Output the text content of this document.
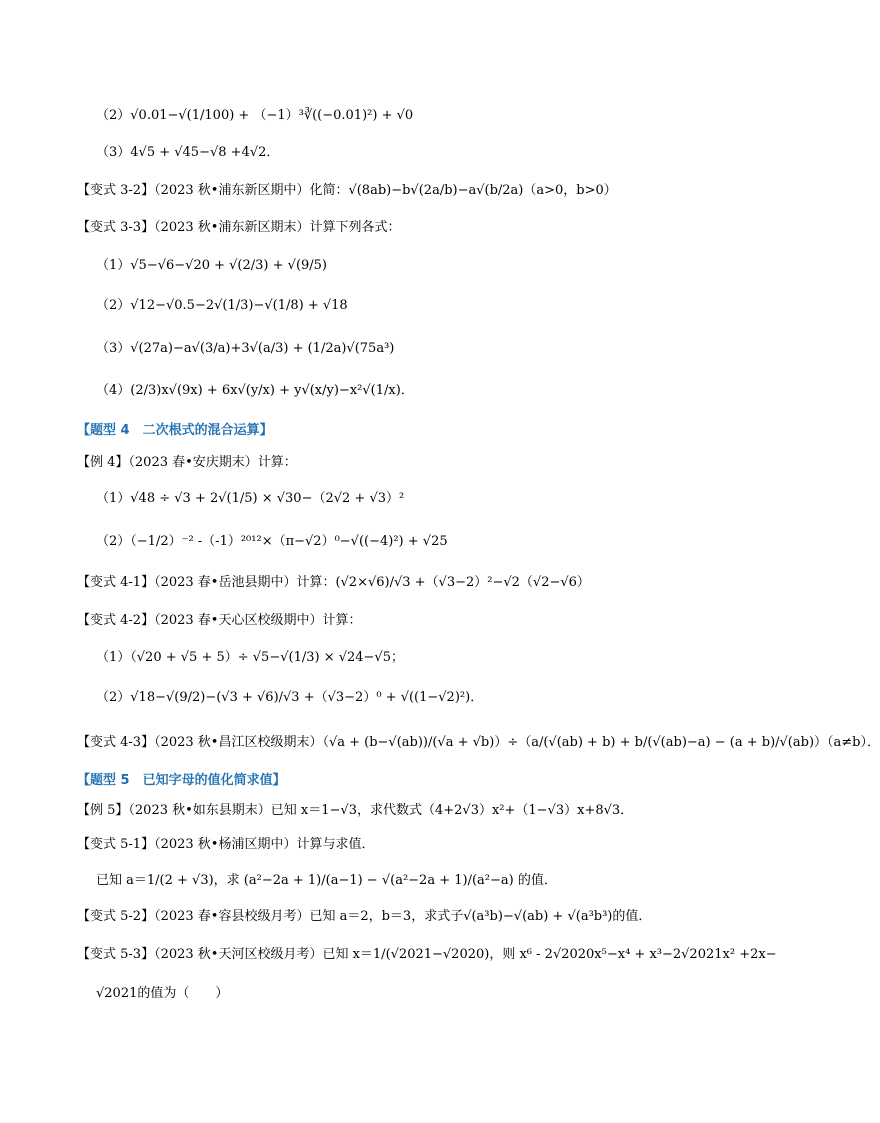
（2）√0.01−√(1/100) + （−1）³∛((−0.01)²) + √0
（3）4√5 + √45−√8 +4√2．
【变式 3-2】（2023 秋•浦东新区期中）化简：√(8ab)−b√(2a/b)−a√(b/2a)（a>0，b>0）
【变式 3-3】（2023 秋•浦东新区期末）计算下列各式：
（1）√5−√6−√20 + √(2/3) + √(9/5)
（2）√12−√0.5−2√(1/3)−√(1/8) + √18
（3）√(27a)−a√(3/a)+3√(a/3) + (1/2a)√(75a³)
（4）(2/3)x√(9x) + 6x√(y/x) + y√(x/y)−x²√(1/x)．
【题型 4　二次根式的混合运算】
【例 4】（2023 春•安庆期末）计算：
（1）√48 ÷ √3 + 2√(1/5) × √30−（2√2 + √3）²
（2）（−1/2）⁻² -（-1）²⁰¹²×（π−√2）⁰−√((−4)²) + √25
【变式 4-1】（2023 春•岳池县期中）计算：(√2×√6)/√3 +（√3−2）²−√2（√2−√6）
【变式 4-2】（2023 春•天心区校级期中）计算：
（1）（√20 + √5 + 5）÷ √5−√(1/3) × √24−√5；
（2）√18−√(9/2)−(√3 + √6)/√3 +（√3−2）⁰ + √((1−√2)²)．
【变式 4-3】（2023 秋•昌江区校级期末）（√a + (b−√(ab))/(√a + √b)）÷（a/(√(ab) + b) + b/(√(ab)−a) − (a + b)/√(ab)）（a≠b）．
【题型 5　已知字母的值化简求值】
【例 5】（2023 秋•如东县期末）已知 x＝1−√3，求代数式（4+2√3）x²+（1−√3）x+8√3．
【变式 5-1】（2023 秋•杨浦区期中）计算与求值．
已知 a＝1/(2 + √3)，求 (a²−2a + 1)/(a−1) − √(a²−2a + 1)/(a²−a) 的值．
【变式 5-2】（2023 春•容县校级月考）已知 a＝2，b＝3，求式子√(a³b)−√(ab) + √(a³b³)的值．
【变式 5-3】（2023 秋•天河区校级月考）已知 x＝1/(√2021−√2020)，则 x⁶ - 2√2020x⁵−x⁴ + x³−2√2021x² +2x−
√2021的值为（　　）
